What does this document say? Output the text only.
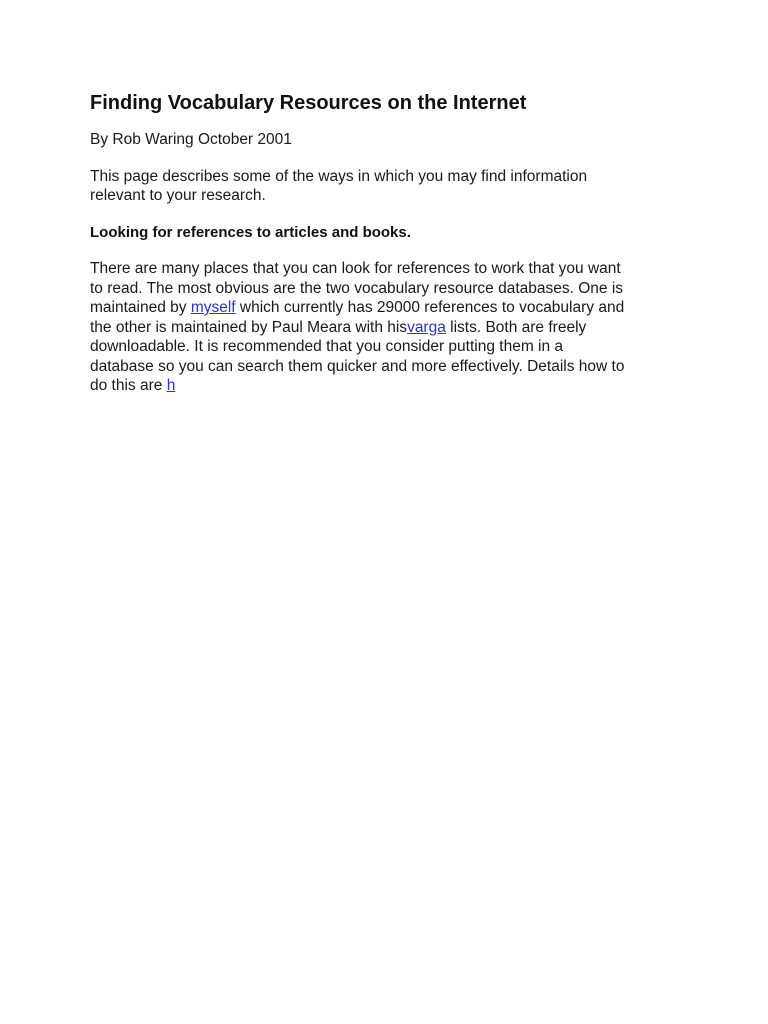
Finding Vocabulary Resources on the Internet
By Rob Waring October 2001
This page describes some of the ways in which you may find information
relevant to your research.
Looking for references to articles and books.
There are many places that you can look for references to work that you want
to read. The most obvious are the two vocabulary resource databases. One is
maintained by myself which currently has 29000 references to vocabulary and
the other is maintained by Paul Meara with hisvarga lists. Both are freely
downloadable. It is recommended that you consider putting them in a
database so you can search them quicker and more effectively. Details how to
do this are h
